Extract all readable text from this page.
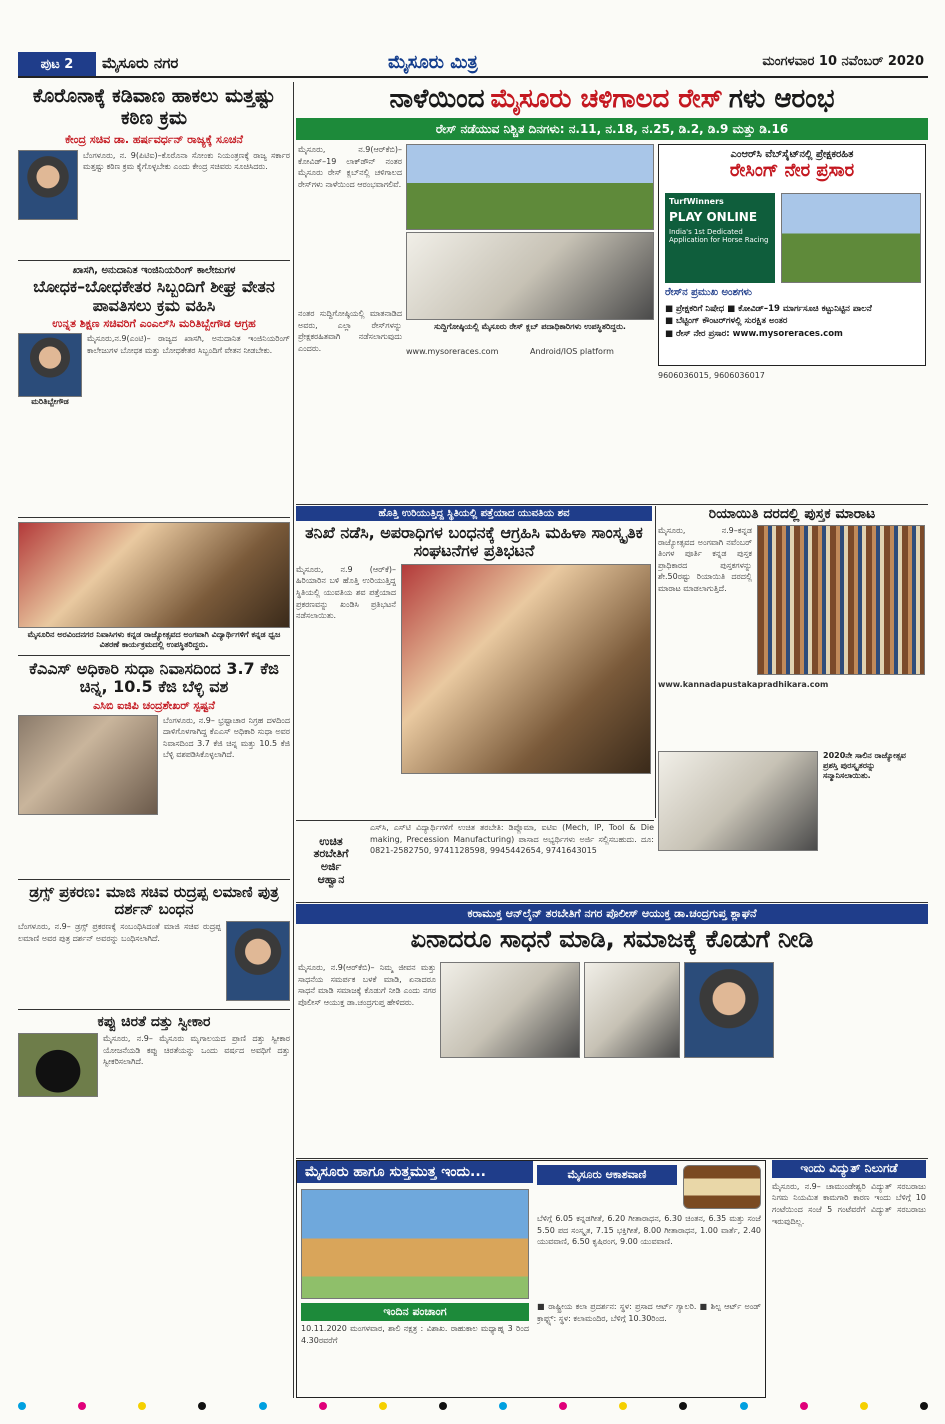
ಪುಟ 2	ಮೈಸೂರು ನಗರ	ಮೈಸೂರು ಮಿತ್ರ	ಮಂಗಳವಾರ 10 ನವೆಂಬರ್ 2020
ಕೊರೊನಾಕ್ಕೆ ಕಡಿವಾಣ ಹಾಕಲು ಮತ್ತಷ್ಟು ಕಠಿಣ ಕ್ರಮ
ಕೇಂದ್ರ ಸಚಿವ ಡಾ. ಹರ್ಷವರ್ಧನ್ ರಾಜ್ಯಕ್ಕೆ ಸೂಚನೆ
ಬೆಂಗಳೂರು, ನ. 9(ಪಿಟಿಐ)–ಕೊರೊನಾ ಸೋಂಕು ನಿಯಂತ್ರಣಕ್ಕೆ ರಾಜ್ಯ ಸರ್ಕಾರ ಮತ್ತಷ್ಟು ಕಠಿಣ ಕ್ರಮ ಕೈಗೊಳ್ಳಬೇಕು ಎಂದು ಕೇಂದ್ರ ಸಚಿವರು ಸೂಚಿಸಿದರು.
ಖಾಸಗಿ, ಅನುದಾನಿತ ಇಂಜಿನಿಯರಿಂಗ್ ಕಾಲೇಜುಗಳ
ಬೋಧಕ–ಬೋಧಕೇತರ ಸಿಬ್ಬಂದಿಗೆ ಶೀಘ್ರ ವೇತನ ಪಾವತಿಸಲು ಕ್ರಮ ವಹಿಸಿ
ಉನ್ನತ ಶಿಕ್ಷಣ ಸಚಿವರಿಗೆ ಎಂಎಲ್‌ಸಿ ಮರಿತಿಬ್ಬೇಗೌಡ ಆಗ್ರಹ
ಮರಿತಿಬ್ಬೇಗೌಡ
ಮೈಸೂರು,ನ.9(ಎಂಟಿ)– ರಾಜ್ಯದ ಖಾಸಗಿ, ಅನುದಾನಿತ ಇಂಜಿನಿಯರಿಂಗ್ ಕಾಲೇಜುಗಳ ಬೋಧಕ ಮತ್ತು ಬೋಧಕೇತರ ಸಿಬ್ಬಂದಿಗೆ ವೇತನ ನೀಡಬೇಕು.
ಮೈಸೂರಿನ ಅರವಿಂದನಗರ ನಿವಾಸಿಗಳು ಕನ್ನಡ ರಾಜ್ಯೋತ್ಸವದ ಅಂಗವಾಗಿ ವಿದ್ಯಾರ್ಥಿಗಳಿಗೆ ಕನ್ನಡ ಧ್ವಜ ವಿತರಣೆ ಕಾರ್ಯಕ್ರಮದಲ್ಲಿ ಉಪಸ್ಥಿತರಿದ್ದರು.
ಕೆಎಎಸ್ ಅಧಿಕಾರಿ ಸುಧಾ ನಿವಾಸದಿಂದ 3.7 ಕೆಜಿ ಚಿನ್ನ, 10.5 ಕೆಜಿ ಬೆಳ್ಳಿ ವಶ
ಎಸಿಬಿ ಐಜಿಪಿ ಚಂದ್ರಶೇಖರ್ ಸ್ಪಷ್ಟನೆ
ಬೆಂಗಳೂರು, ನ.9– ಭ್ರಷ್ಟಾಚಾರ ನಿಗ್ರಹ ದಳದಿಂದ ದಾಳಿಗೊಳಗಾಗಿದ್ದ ಕೆಎಎಸ್ ಅಧಿಕಾರಿ ಸುಧಾ ಅವರ ನಿವಾಸದಿಂದ 3.7 ಕೆಜಿ ಚಿನ್ನ ಮತ್ತು 10.5 ಕೆಜಿ ಬೆಳ್ಳಿ ವಶಪಡಿಸಿಕೊಳ್ಳಲಾಗಿದೆ.
ಡ್ರಗ್ಸ್ ಪ್ರಕರಣ: ಮಾಜಿ ಸಚಿವ ರುದ್ರಪ್ಪ ಲಮಾಣಿ ಪುತ್ರ ದರ್ಶನ್ ಬಂಧನ
ಬೆಂಗಳೂರು, ನ.9– ಡ್ರಗ್ಸ್ ಪ್ರಕರಣಕ್ಕೆ ಸಂಬಂಧಿಸಿದಂತೆ ಮಾಜಿ ಸಚಿವ ರುದ್ರಪ್ಪ ಲಮಾಣಿ ಅವರ ಪುತ್ರ ದರ್ಶನ್ ಅವರನ್ನು ಬಂಧಿಸಲಾಗಿದೆ.
ಕಪ್ಪು ಚಿರತೆ ದತ್ತು ಸ್ವೀಕಾರ
ಮೈಸೂರು, ನ.9– ಮೈಸೂರು ಮೃಗಾಲಯದ ಪ್ರಾಣಿ ದತ್ತು ಸ್ವೀಕಾರ ಯೋಜನೆಯಡಿ ಕಪ್ಪು ಚಿರತೆಯನ್ನು ಒಂದು ವರ್ಷದ ಅವಧಿಗೆ ದತ್ತು ಸ್ವೀಕರಿಸಲಾಗಿದೆ.
ನಾಳೆಯಿಂದ ಮೈಸೂರು ಚಳಿಗಾಲದ ರೇಸ್ ಗಳು ಆರಂಭ
ರೇಸ್ ನಡೆಯುವ ನಿಶ್ಚಿತ ದಿನಗಳು: ನ.11, ನ.18, ನ.25, ಡಿ.2, ಡಿ.9 ಮತ್ತು ಡಿ.16
ಮೈಸೂರು, ನ.9(ಆರ್‌ಕೆಬಿ)– ಕೋವಿಡ್–19 ಲಾಕ್‌ಡೌನ್ ನಂತರ ಮೈಸೂರು ರೇಸ್ ಕ್ಲಬ್‌ನಲ್ಲಿ ಚಳಿಗಾಲದ ರೇಸ್‌ಗಳು ನಾಳೆಯಿಂದ ಆರಂಭವಾಗಲಿವೆ.
ಸುದ್ದಿಗೋಷ್ಠಿಯಲ್ಲಿ ಮೈಸೂರು ರೇಸ್ ಕ್ಲಬ್ ಪದಾಧಿಕಾರಿಗಳು ಉಪಸ್ಥಿತರಿದ್ದರು.
ನಂತರ ಸುದ್ದಿಗೋಷ್ಠಿಯಲ್ಲಿ ಮಾತನಾಡಿದ ಅವರು, ಎಲ್ಲಾ ರೇಸ್‌ಗಳನ್ನು ಪ್ರೇಕ್ಷಕರಹಿತವಾಗಿ ನಡೆಸಲಾಗುವುದು ಎಂದರು.	www.mysoreraces.com	Android/IOS platform
ಎಂಆರ್‌ಸಿ ವೆಬ್‌ಸೈಟ್‌ನಲ್ಲಿ ಪ್ರೇಕ್ಷಕರಹಿತ
ರೇಸಿಂಗ್ ನೇರ ಪ್ರಸಾರ
TurfWinners
PLAY ONLINE
India's 1st Dedicated Application for Horse Racing
ರೇಸ್‌ನ ಪ್ರಮುಖ ಅಂಶಗಳು
■ ಪ್ರೇಕ್ಷಕರಿಗೆ ನಿಷೇಧ ■ ಕೋವಿಡ್–19 ಮಾರ್ಗಸೂಚಿ ಕಟ್ಟುನಿಟ್ಟಿನ ಪಾಲನೆ
■ ಬೆಟ್ಟಿಂಗ್ ಕೌಂಟರ್‌ಗಳಲ್ಲಿ ಸುರಕ್ಷಿತ ಅಂತರ
■ ರೇಸ್ ನೇರ ಪ್ರಸಾರ: www.mysoreraces.com
9606036015, 9606036017
ಹೊತ್ತಿ ಉರಿಯುತ್ತಿದ್ದ ಸ್ಥಿತಿಯಲ್ಲಿ ಪತ್ತೆಯಾದ ಯುವತಿಯ ಶವ
ತನಿಖೆ ನಡೆಸಿ, ಅಪರಾಧಿಗಳ ಬಂಧನಕ್ಕೆ ಆಗ್ರಹಿಸಿ ಮಹಿಳಾ ಸಾಂಸ್ಕೃತಿಕ ಸಂಘಟನೆಗಳ ಪ್ರತಿಭಟನೆ
ಮೈಸೂರು, ನ.9 (ಆರ್‌ಕೆ)– ಹಿರಿಯಾರಿನ ಬಳಿ ಹೊತ್ತಿ ಉರಿಯುತ್ತಿದ್ದ ಸ್ಥಿತಿಯಲ್ಲಿ ಯುವತಿಯ ಶವ ಪತ್ತೆಯಾದ ಪ್ರಕರಣವನ್ನು ಖಂಡಿಸಿ ಪ್ರತಿಭಟನೆ ನಡೆಸಲಾಯಿತು.
ರಿಯಾಯಿತಿ ದರದಲ್ಲಿ ಪುಸ್ತಕ ಮಾರಾಟ
ಮೈಸೂರು, ನ.9–ಕನ್ನಡ ರಾಜ್ಯೋತ್ಸವದ ಅಂಗವಾಗಿ ನವೆಂಬರ್ ತಿಂಗಳ ಪೂರ್ತಿ ಕನ್ನಡ ಪುಸ್ತಕ ಪ್ರಾಧಿಕಾರದ ಪುಸ್ತಕಗಳನ್ನು ಶೇ.50ರಷ್ಟು ರಿಯಾಯಿತಿ ದರದಲ್ಲಿ ಮಾರಾಟ ಮಾಡಲಾಗುತ್ತಿದೆ.
www.kannadapustakapradhikara.com
2020ನೇ ಸಾಲಿನ ರಾಜ್ಯೋತ್ಸವ ಪ್ರಶಸ್ತಿ ಪುರಸ್ಕೃತರನ್ನು ಸನ್ಮಾನಿಸಲಾಯಿತು.
ಉಚಿತ
ತರಬೇತಿಗೆ
ಅರ್ಜಿ
ಆಹ್ವಾನ
ಎಸ್‌ಸಿ, ಎಸ್‌ಟಿ ವಿದ್ಯಾರ್ಥಿಗಳಿಗೆ ಉಚಿತ ತರಬೇತಿ: ಡಿಪ್ಲೊಮಾ, ಐಟಿಐ (Mech, IP, Tool & Die making, Precession Manufacturing) ಪಾಸಾದ ಅಭ್ಯರ್ಥಿಗಳು ಅರ್ಜಿ ಸಲ್ಲಿಸಬಹುದು. ದೂ: 0821-2582750, 9741128598, 9945442654, 9741643015
ಕರಾಮುಕ್ತ ಆನ್‌ಲೈನ್ ತರಬೇತಿಗೆ ನಗರ ಪೊಲೀಸ್ ಆಯುಕ್ತ ಡಾ.ಚಂದ್ರಗುಪ್ತ ಶ್ಲಾಘನೆ
ಏನಾದರೂ ಸಾಧನೆ ಮಾಡಿ, ಸಮಾಜಕ್ಕೆ ಕೊಡುಗೆ ನೀಡಿ
ಮೈಸೂರು, ನ.9(ಆರ್‌ಕೆಬಿ)– ನಿಮ್ಮ ಜೀವನ ಮತ್ತು ಸಾಧನೆಯ ಸಮರ್ಪಕ ಬಳಕೆ ಮಾಡಿ, ಏನಾದರೂ ಸಾಧನೆ ಮಾಡಿ ಸಮಾಜಕ್ಕೆ ಕೊಡುಗೆ ನೀಡಿ ಎಂದು ನಗರ ಪೊಲೀಸ್ ಆಯುಕ್ತ ಡಾ.ಚಂದ್ರಗುಪ್ತ ಹೇಳಿದರು.
ಮೈಸೂರು ಹಾಗೂ ಸುತ್ತಮುತ್ತ ಇಂದು...
ಇಂದಿನ ಪಂಚಾಂಗ
10.11.2020 ಮಂಗಳವಾರ, ಶಾಲಿ ನಕ್ಷತ್ರ : ವಿಶಾಖ. ರಾಹುಕಾಲ ಮಧ್ಯಾಹ್ನ 3 ರಿಂದ 4.30ರವರೆಗೆ
ಮೈಸೂರು ಆಕಾಶವಾಣಿ
ಬೆಳಿಗ್ಗೆ 6.05 ಕನ್ನಡಗೀತೆ, 6.20 ಗೀತಾರಾಧನ, 6.30 ಚಿಂತನ, 6.35 ಮತ್ತು ಸಂಜೆ 5.50 ಪದ ಸಂಸ್ಕೃತ, 7.15 ಭಕ್ತಿಗೀತೆ, 8.00 ಗೀತಾರಾಧನ, 1.00 ವಾರ್ತೆ, 2.40 ಯುವವಾಣಿ, 6.50 ಕೃಷಿರಂಗ, 9.00 ಯುವವಾಣಿ.
■ ರಾಷ್ಟ್ರೀಯ ಕಲಾ ಪ್ರದರ್ಶನ: ಸ್ಥಳ: ಪ್ರಸಾದ ಆರ್ಟ್ ಗ್ಯಾಲರಿ. ■ ಶಿಲ್ಪ ಆರ್ಟ್ ಅಂಡ್ ಕ್ರಾಫ್ಟ್ಸ್: ಸ್ಥಳ: ಕಲಾಮಂದಿರ, ಬೆಳಿಗ್ಗೆ 10.30ರಿಂದ.
ಇಂದು ವಿದ್ಯುತ್ ನಿಲುಗಡೆ
ಮೈಸೂರು, ನ.9– ಚಾಮುಂಡೇಶ್ವರಿ ವಿದ್ಯುತ್ ಸರಬರಾಜು ನಿಗಮ ನಿಯಮಿತ ಕಾಮಗಾರಿ ಕಾರಣ ಇಂದು ಬೆಳಿಗ್ಗೆ 10 ಗಂಟೆಯಿಂದ ಸಂಜೆ 5 ಗಂಟೆವರೆಗೆ ವಿದ್ಯುತ್ ಸರಬರಾಜು ಇರುವುದಿಲ್ಲ.
